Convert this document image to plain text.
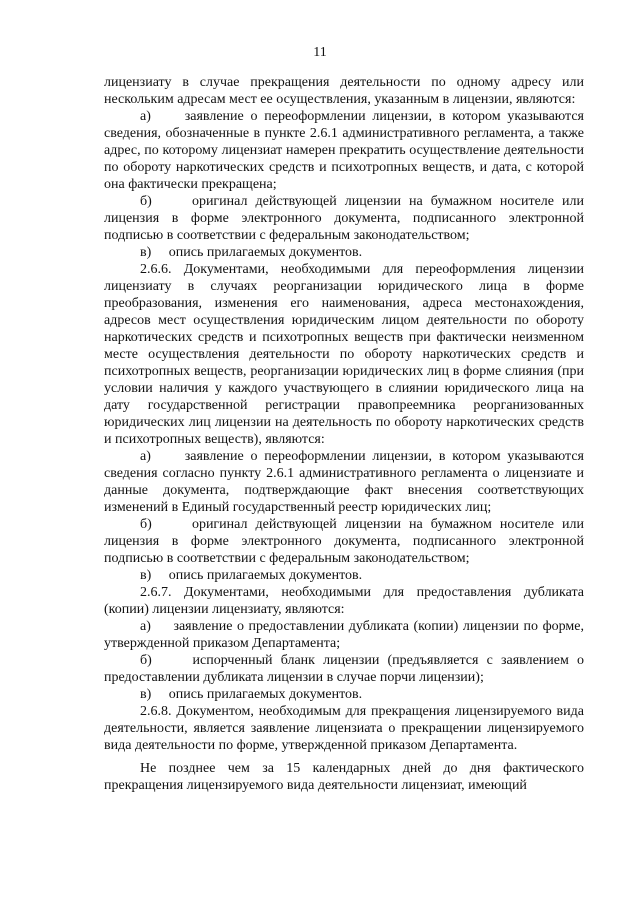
11

лицензиату в случае прекращения деятельности по одному адресу или нескольким адресам мест ее осуществления, указанным в лицензии, являются:

а)     заявление о переоформлении лицензии, в котором указываются сведения, обозначенные в пункте 2.6.1 административного регламента, а также адрес, по которому лицензиат намерен прекратить осуществление деятельности по обороту наркотических средств и психотропных веществ, и дата, с которой она фактически прекращена;

б)     оригинал действующей лицензии на бумажном носителе или лицензия в форме электронного документа, подписанного электронной подписью в соответствии с федеральным законодательством;

в)     опись прилагаемых документов.

2.6.6. Документами, необходимыми для переоформления лицензии лицензиату в случаях реорганизации юридического лица в форме преобразования, изменения его наименования, адреса местонахождения, адресов мест осуществления юридическим лицом деятельности по обороту наркотических средств и психотропных веществ при фактически неизменном месте осуществления деятельности по обороту наркотических средств и психотропных веществ, реорганизации юридических лиц в форме слияния (при условии наличия у каждого участвующего в слиянии юридического лица на дату государственной регистрации правопреемника реорганизованных юридических лиц лицензии на деятельность по обороту наркотических средств и психотропных веществ), являются:

а)     заявление о переоформлении лицензии, в котором указываются сведения согласно пункту 2.6.1 административного регламента о лицензиате и данные документа, подтверждающие факт внесения соответствующих изменений в Единый государственный реестр юридических лиц;

б)     оригинал действующей лицензии на бумажном носителе или лицензия в форме электронного документа, подписанного электронной подписью в соответствии с федеральным законодательством;

в)     опись прилагаемых документов.

2.6.7. Документами, необходимыми для предоставления дубликата (копии) лицензии лицензиату, являются:

а)     заявление о предоставлении дубликата (копии) лицензии по форме, утвержденной приказом Департамента;

б)     испорченный бланк лицензии (предъявляется с заявлением о предоставлении дубликата лицензии в случае порчи лицензии);

в)     опись прилагаемых документов.

2.6.8. Документом, необходимым для прекращения лицензируемого вида деятельности, является заявление лицензиата о прекращении лицензируемого вида деятельности по форме, утвержденной приказом Департамента.

Не позднее чем за 15 календарных дней до дня фактического прекращения лицензируемого вида деятельности лицензиат, имеющий
